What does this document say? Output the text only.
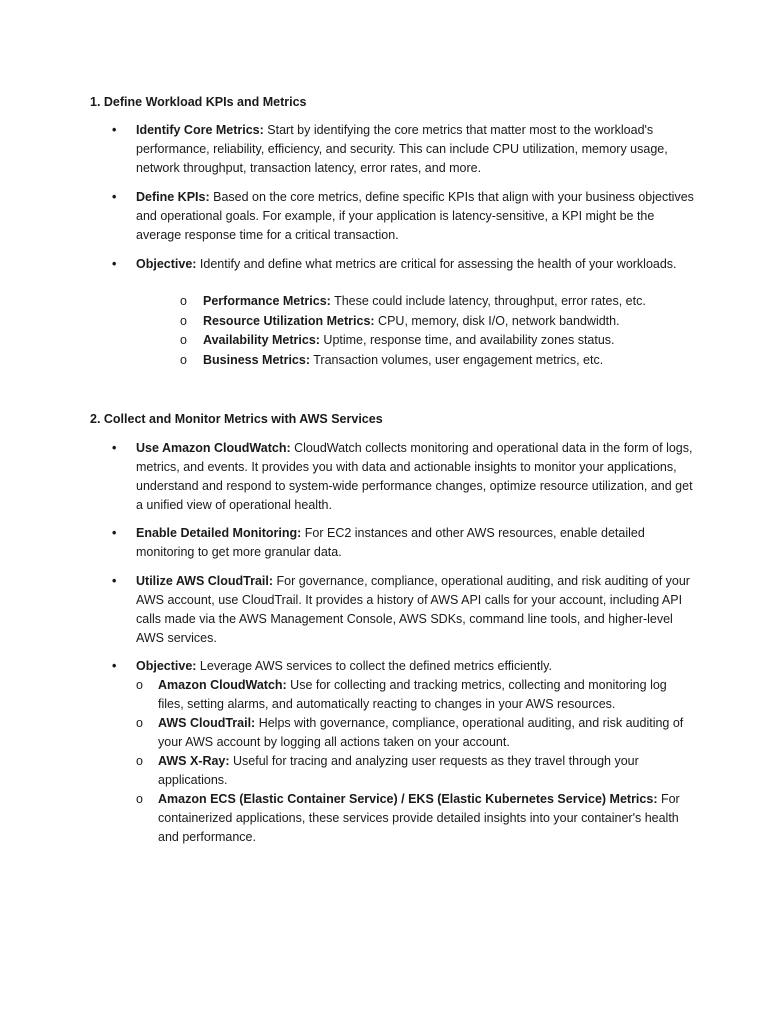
1. Define Workload KPIs and Metrics
•	Identify Core Metrics: Start by identifying the core metrics that matter most to the workload's performance, reliability, efficiency, and security. This can include CPU utilization, memory usage, network throughput, transaction latency, error rates, and more.
•	Define KPIs: Based on the core metrics, define specific KPIs that align with your business objectives and operational goals. For example, if your application is latency-sensitive, a KPI might be the average response time for a critical transaction.
•	Objective: Identify and define what metrics are critical for assessing the health of your workloads.
o	Performance Metrics: These could include latency, throughput, error rates, etc.
o	Resource Utilization Metrics: CPU, memory, disk I/O, network bandwidth.
o	Availability Metrics: Uptime, response time, and availability zones status.
o	Business Metrics: Transaction volumes, user engagement metrics, etc.
2. Collect and Monitor Metrics with AWS Services
•	Use Amazon CloudWatch: CloudWatch collects monitoring and operational data in the form of logs, metrics, and events. It provides you with data and actionable insights to monitor your applications, understand and respond to system-wide performance changes, optimize resource utilization, and get a unified view of operational health.
•	Enable Detailed Monitoring: For EC2 instances and other AWS resources, enable detailed monitoring to get more granular data.
•	Utilize AWS CloudTrail: For governance, compliance, operational auditing, and risk auditing of your AWS account, use CloudTrail. It provides a history of AWS API calls for your account, including API calls made via the AWS Management Console, AWS SDKs, command line tools, and higher-level AWS services.
•	Objective: Leverage AWS services to collect the defined metrics efficiently.
o	Amazon CloudWatch: Use for collecting and tracking metrics, collecting and monitoring log files, setting alarms, and automatically reacting to changes in your AWS resources.
o	AWS CloudTrail: Helps with governance, compliance, operational auditing, and risk auditing of your AWS account by logging all actions taken on your account.
o	AWS X-Ray: Useful for tracing and analyzing user requests as they travel through your applications.
o	Amazon ECS (Elastic Container Service) / EKS (Elastic Kubernetes Service) Metrics: For containerized applications, these services provide detailed insights into your container's health and performance.
